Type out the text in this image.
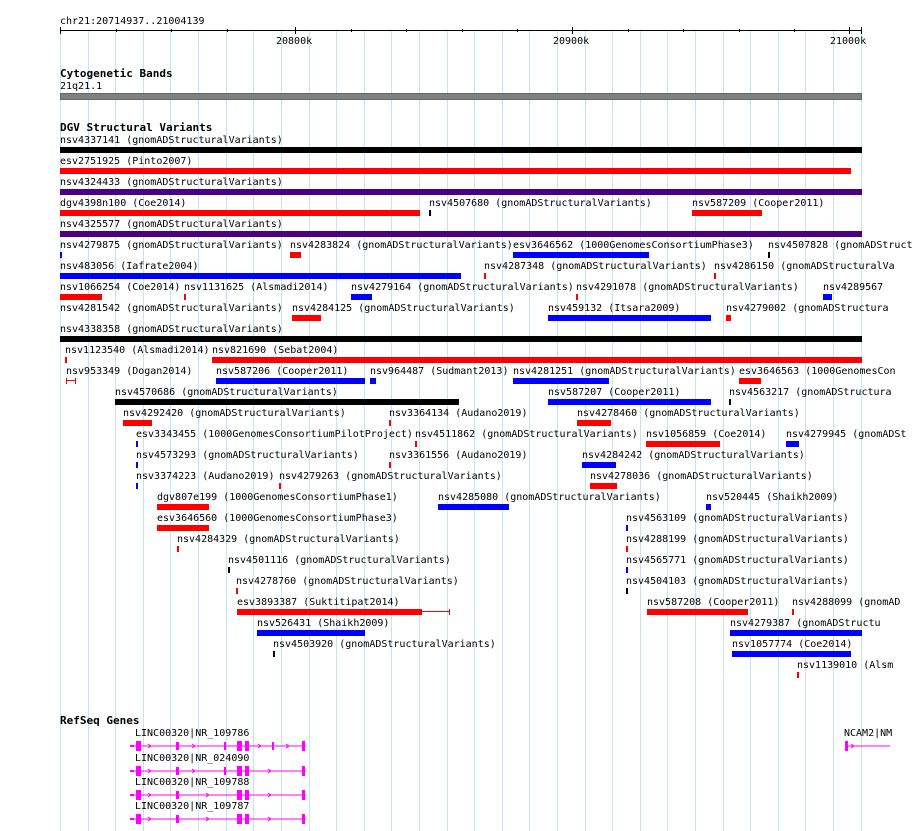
chr21:20714937..21004139
20800k	20900k	21000k
Cytogenetic Bands
21q21.1
DGV Structural Variants
nsv4337141 (gnomADStructuralVariants)
esv2751925 (Pinto2007)
nsv4324433 (gnomADStructuralVariants)
dgv4398n100 (Coe2014)	nsv4507680 (gnomADStructuralVariants)	nsv587209 (Cooper2011)
nsv4325577 (gnomADStructuralVariants)
nsv4279875 (gnomADStructuralVariants) nsv4283824 (gnomADStructuralVariants) esv3646562 (1000GenomesConsortiumPhase3) nsv4507828 (gnomADStruct
nsv483056 (Iafrate2004)	nsv4287348 (gnomADStructuralVariants) nsv4286150 (gnomADStructuralVa
nsv1066254 (Coe2014) nsv1131625 (Alsmadi2014) nsv4279164 (gnomADStructuralVariants) nsv4291078 (gnomADStructuralVariants) nsv4289567
nsv4281542 (gnomADStructuralVariants) nsv4284125 (gnomADStructuralVariants)	nsv459132 (Itsara2009)	nsv4279002 (gnomADStructura
nsv4338358 (gnomADStructuralVariants)
nsv1123540 (Alsmadi2014) nsv821690 (Sebat2004)
nsv953349 (Dogan2014) nsv587206 (Cooper2011) nsv964487 (Sudmant2013) nsv4281251 (gnomADStructuralVariants) esv3646563 (1000GenomesCon
nsv4570686 (gnomADStructuralVariants)	nsv587207 (Cooper2011)	nsv4563217 (gnomADStructura
nsv4292420 (gnomADStructuralVariants)	nsv3364134 (Audano2019)	nsv4278460 (gnomADStructuralVariants)
esv3343455 (1000GenomesConsortiumPilotProject) nsv4511862 (gnomADStructuralVariants) nsv1056859 (Coe2014) nsv4279945 (gnomADSt
nsv4573293 (gnomADStructuralVariants)	nsv3361556 (Audano2019)	nsv4284242 (gnomADStructuralVariants)
nsv3374223 (Audano2019) nsv4279263 (gnomADStructuralVariants)	nsv4278036 (gnomADStructuralVariants)
dgv807e199 (1000GenomesConsortiumPhase1)	nsv4285080 (gnomADStructuralVariants)	nsv520445 (Shaikh2009)
esv3646560 (1000GenomesConsortiumPhase3)	nsv4563109 (gnomADStructuralVariants)
nsv4284329 (gnomADStructuralVariants)	nsv4288199 (gnomADStructuralVariants)
nsv4501116 (gnomADStructuralVariants)	nsv4565771 (gnomADStructuralVariants)
nsv4278760 (gnomADStructuralVariants)	nsv4504103 (gnomADStructuralVariants)
esv3893387 (Suktitipat2014)	nsv587208 (Cooper2011) nsv4288099 (gnomAD
nsv526431 (Shaikh2009)	nsv4279387 (gnomADStructu
nsv4503920 (gnomADStructuralVariants)	nsv1057774 (Coe2014)
nsv1139010 (Alsm
RefSeq Genes
LINC00320|NR_109786
LINC00320|NR_024090
LINC00320|NR_109788
LINC00320|NR_109787
NCAM2|NM
